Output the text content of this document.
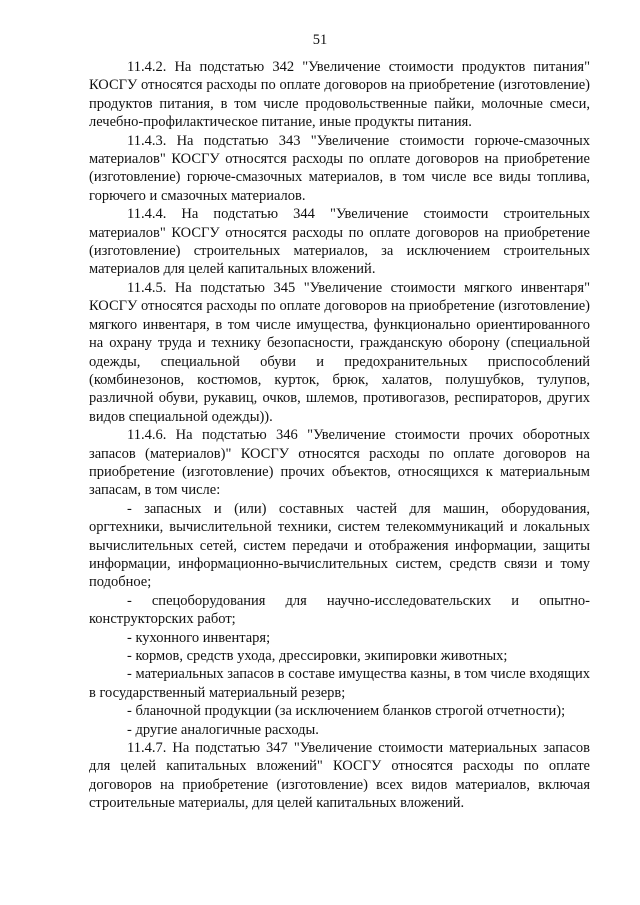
51

11.4.2. На подстатью 342 "Увеличение стоимости продуктов питания" КОСГУ относятся расходы по оплате договоров на приобретение (изготовление) продуктов питания, в том числе продовольственные пайки, молочные смеси, лечебно-профилактическое питание, иные продукты питания.

11.4.3. На подстатью 343 "Увеличение стоимости горюче-смазочных материалов" КОСГУ относятся расходы по оплате договоров на приобретение (изготовление) горюче-смазочных материалов, в том числе все виды топлива, горючего и смазочных материалов.

11.4.4. На подстатью 344 "Увеличение стоимости строительных материалов" КОСГУ относятся расходы по оплате договоров на приобретение (изготовление) строительных материалов, за исключением строительных материалов для целей капитальных вложений.

11.4.5. На подстатью 345 "Увеличение стоимости мягкого инвентаря" КОСГУ относятся расходы по оплате договоров на приобретение (изготовление) мягкого инвентаря, в том числе имущества, функционально ориентированного на охрану труда и технику безопасности, гражданскую оборону (специальной одежды, специальной обуви и предохранительных приспособлений (комбинезонов, костюмов, курток, брюк, халатов, полушубков, тулупов, различной обуви, рукавиц, очков, шлемов, противогазов, респираторов, других видов специальной одежды)).

11.4.6. На подстатью 346 "Увеличение стоимости прочих оборотных запасов (материалов)" КОСГУ относятся расходы по оплате договоров на приобретение (изготовление) прочих объектов, относящихся к материальным запасам, в том числе:

- запасных и (или) составных частей для машин, оборудования, оргтехники, вычислительной техники, систем телекоммуникаций и локальных вычислительных сетей, систем передачи и отображения информации, защиты информации, информационно-вычислительных систем, средств связи и тому подобное;

- спецоборудования для научно-исследовательских и опытно-конструкторских работ;

- кухонного инвентаря;

- кормов, средств ухода, дрессировки, экипировки животных;

- материальных запасов в составе имущества казны, в том числе входящих в государственный материальный резерв;

- бланочной продукции (за исключением бланков строгой отчетности);

- другие аналогичные расходы.

11.4.7. На подстатью 347 "Увеличение стоимости материальных запасов для целей капитальных вложений" КОСГУ относятся расходы по оплате договоров на приобретение (изготовление) всех видов материалов, включая строительные материалы, для целей капитальных вложений.
